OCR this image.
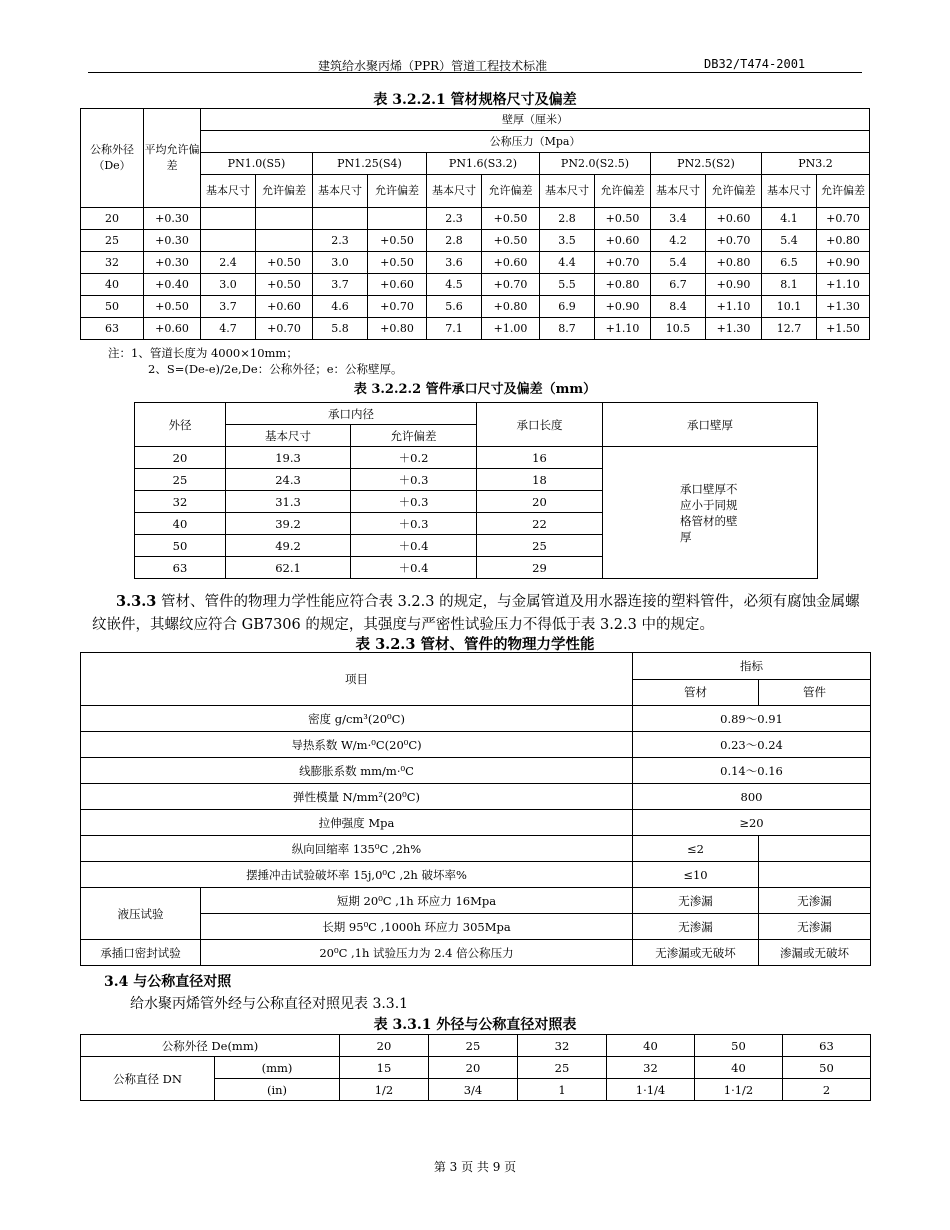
建筑给水聚丙烯（PPR）管道工程技术标准	DB32/T474-2001
表 3.2.2.1 管材规格尺寸及偏差
公称外径（De）	平均允许偏差	壁厚（厘米）											
		公称压力（Mpa）											
		PN1.0(S5)		PN1.25(S4)		PN1.6(S3.2)		PN2.0(S2.5)		PN2.5(S2)		PN3.2	
		基本尺寸	允许偏差	基本尺寸	允许偏差	基本尺寸	允许偏差	基本尺寸	允许偏差	基本尺寸	允许偏差	基本尺寸	允许偏差
20	+0.30					2.3	+0.50	2.8	+0.50	3.4	+0.60	4.1	+0.70
25	+0.30			2.3	+0.50	2.8	+0.50	3.5	+0.60	4.2	+0.70	5.4	+0.80
32	+0.30	2.4	+0.50	3.0	+0.50	3.6	+0.60	4.4	+0.70	5.4	+0.80	6.5	+0.90
40	+0.40	3.0	+0.50	3.7	+0.60	4.5	+0.70	5.5	+0.80	6.7	+0.90	8.1	+1.10
50	+0.50	3.7	+0.60	4.6	+0.70	5.6	+0.80	6.9	+0.90	8.4	+1.10	10.1	+1.30
63	+0.60	4.7	+0.70	5.8	+0.80	7.1	+1.00	8.7	+1.10	10.5	+1.30	12.7	+1.50
注：1、管道长度为 4000×10mm；
2、S=(De-e)/2e,De：公称外径；e：公称壁厚。
表 3.2.2.2 管件承口尺寸及偏差（mm）
外径	承口内径		承口长度	承口壁厚
	基本尺寸	允许偏差		
20	19.3	＋0.2	16	承口壁厚不应小于同规格管材的壁厚

25	24.3	＋0.3	18	
32	31.3	＋0.3	20	
40	39.2	＋0.3	22	
50	49.2	＋0.4	25	
63	62.1	＋0.4	29	
3.3.3 管材、管件的物理力学性能应符合表 3.2.3 的规定，与金属管道及用水器连接的塑料管件，必须有腐蚀金属螺纹嵌件，其螺纹应符合 GB7306 的规定，其强度与严密性试验压力不得低于表 3.2.3 中的规定。
表 3.2.3 管材、管件的物理力学性能
项目		指标	
		管材	管件
密度 g/cm³(20⁰C)		0.89～0.91	
导热系数 W/m·⁰C(20⁰C)		0.23～0.24	
线膨胀系数 mm/m·⁰C		0.14～0.16	
弹性模量 N/mm²(20⁰C)		800	
拉伸强度 Mpa		≥20	
纵向回缩率 135⁰C ,2h%		≤2	
摆捶冲击试验破坏率 15j,0⁰C ,2h 破坏率%		≤10	
液压试验	短期 20⁰C ,1h 环应力 16Mpa	无渗漏	无渗漏
	长期 95⁰C ,1000h 环应力 305Mpa	无渗漏	无渗漏
承插口密封试验	20⁰C ,1h 试验压力为 2.4 倍公称压力	无渗漏或无破坏	渗漏或无破坏
3.4 与公称直径对照
给水聚丙烯管外经与公称直径对照见表 3.3.1
表 3.3.1 外径与公称直径对照表
公称外径 De(mm)		20	25	32	40	50	63
公称直径 DN	(mm)	15	20	25	32	40	50
	(in)	1/2	3/4	1	1·1/4	1·1/2	2
第 3 页 共 9 页
